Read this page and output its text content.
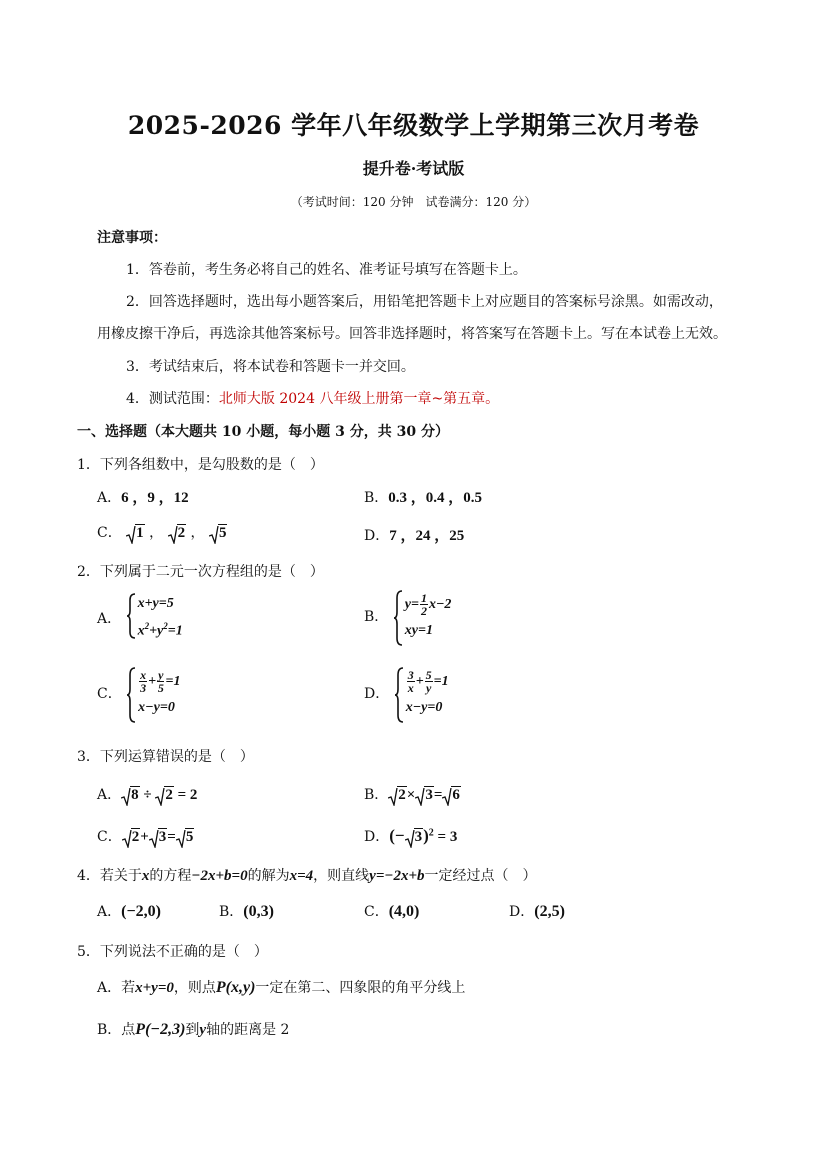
2025-2026 学年八年级数学上学期第三次月考卷
提升卷·考试版
（考试时间：120 分钟　试卷满分：120 分）
注意事项：
1．答卷前，考生务必将自己的姓名、准考证号填写在答题卡上。
2．回答选择题时，选出每小题答案后，用铅笔把答题卡上对应题目的答案标号涂黑。如需改动，
用橡皮擦干净后，再选涂其他答案标号。回答非选择题时，将答案写在答题卡上。写在本试卷上无效。
3．考试结束后，将本试卷和答题卡一并交回。
4．测试范围：北师大版 2024 八年级上册第一章~第五章。
一、选择题（本大题共 10 小题，每小题 3 分，共 30 分）
1．下列各组数中，是勾股数的是（　）
A．6 ，9 ，12	B．0.3 ，0.4 ，0.5
C． 1 ， 2 ， 5	D．7 ，24 ，25
2．下列属于二元一次方程组的是（　）
A．
x+y=5
$x^2+y^2=1$
B．
$y= \frac{1}{2} x-2$
xy=1
C． $\frac{x}{3} + \frac{y}{5} =1$
x−y=0
D． $\frac{3}{x} + \frac{5}{y} =1$
x−y=0
3．下列运算错误的是（　）
A． 8 ÷
2 = 2	B． 2× 3= 6
C． 2+ 3= 5	D．(− 3)$^2$ = 3
4．若关于x的方程−2x+b=0的解为x=4，则直线y=−2x+b一定经过点（　）
A．(−2,0)	B．(0,3)	C．(4,0)	D．(2,5)
5．下列说法不正确的是（　）
A．若x+y=0，则点P(x,y)一定在第二、四象限的角平分线上
B．点P(−2,3)到y轴的距离是 2
